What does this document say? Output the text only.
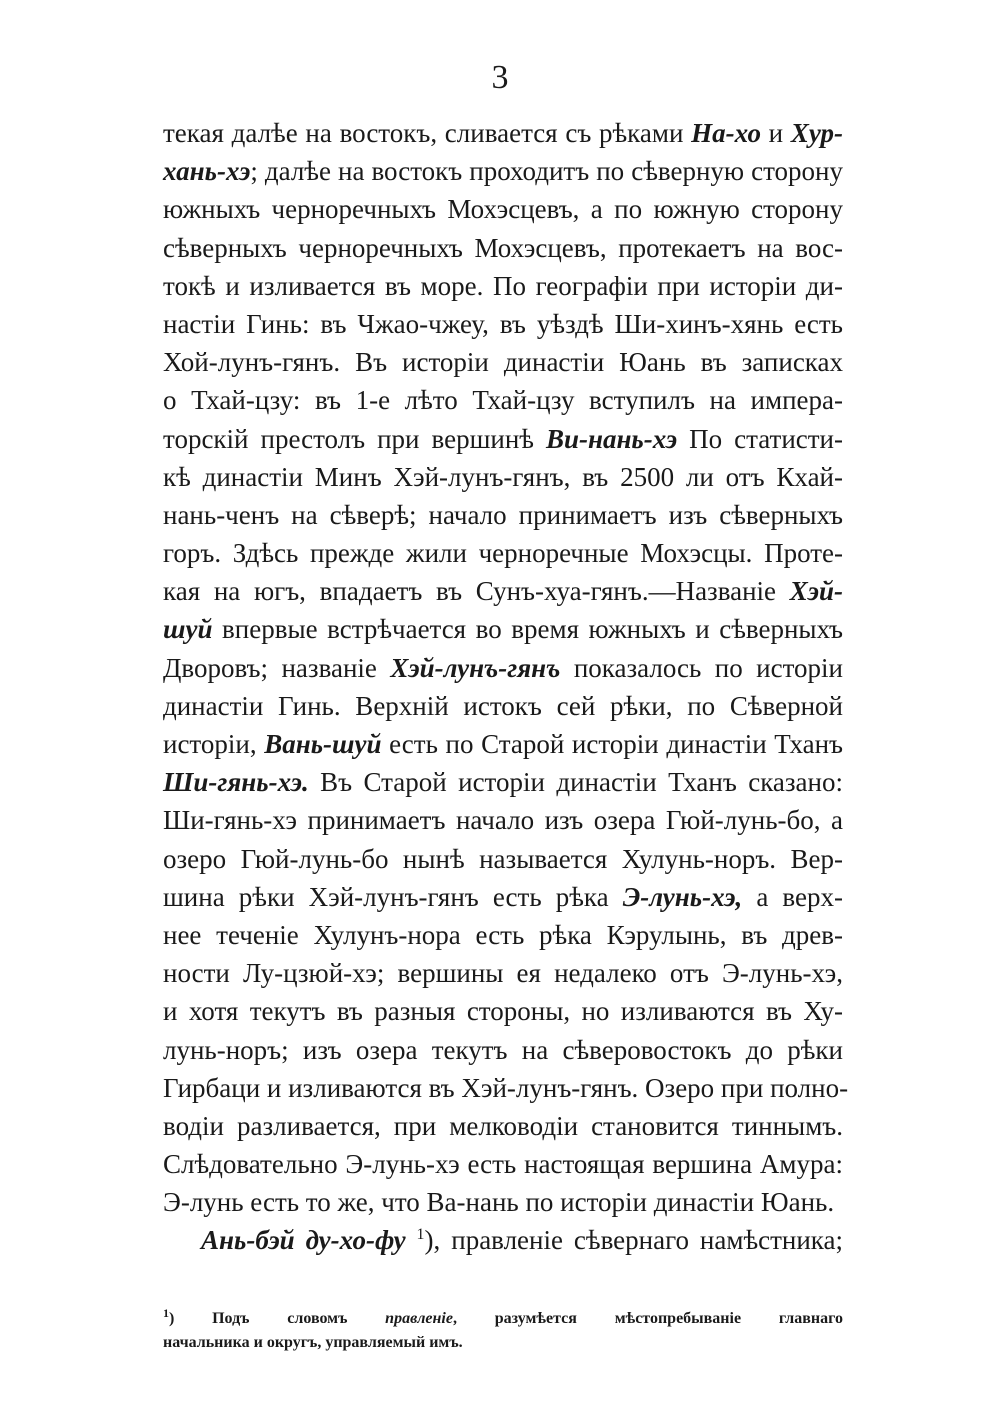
3
текая далѣе на востокъ, сливается съ рѣками На-хо и Хур-
хань-хэ; далѣе на востокъ проходитъ по сѣверную сторону
южныхъ черноречныхъ Мохэсцевъ, а по южную сторону
сѣверныхъ черноречныхъ Мохэсцевъ, протекаетъ на вос-
токѣ и изливается въ море. По географіи при исторіи ди-
настіи Гинь: въ Чжао-чжеу, въ уѣздѣ Ши-хинъ-хянь есть
Хой-лунъ-гянъ. Въ исторіи династіи Юань въ записках
о Тхай-цзу: въ 1-е лѣто Тхай-цзу вступилъ на импера-
торскій престолъ при вершинѣ Ви-нань-хэ По статисти-
кѣ династіи Минъ Хэй-лунъ-гянъ, въ 2500 ли отъ Кхай-
нань-ченъ на сѣверѣ; начало принимаетъ изъ сѣверныхъ
горъ. Здѣсь прежде жили черноречные Мохэсцы. Проте-
кая на югъ, впадаетъ въ Сунъ-хуа-гянъ.—Названіе Хэй-
шуй впервые встрѣчается во время южныхъ и сѣверныхъ
Дворовъ; названіе Хэй-лунъ-гянъ показалось по исторіи
династіи Гинь. Верхній истокъ сей рѣки, по Сѣверной
исторіи, Вань-шуй есть по Старой исторіи династіи Тханъ
Ши-гянь-хэ. Въ Старой исторіи династіи Тханъ сказано:
Ши-гянь-хэ принимаетъ начало изъ озера Гюй-лунь-бо, а
озеро Гюй-лунь-бо нынѣ называется Хулунь-норъ. Вер-
шина рѣки Хэй-лунъ-гянъ есть рѣка Э-лунь-хэ, а верх-
нее теченіе Хулунъ-нора есть рѣка Кэрулынь, въ древ-
ности Лу-цзюй-хэ; вершины ея недалеко отъ Э-лунь-хэ,
и хотя текутъ въ разныя стороны, но изливаются въ Ху-
лунь-норъ; изъ озера текутъ на сѣверовостокъ до рѣки
Гирбаци и изливаются въ Хэй-лунъ-гянъ. Озеро при полно-
водіи разливается, при мелководіи становится тиннымъ.
Слѣдовательно Э-лунь-хэ есть настоящая вершина Амура:
Э-лунь есть то же, что Ва-нань по исторіи династіи Юань.
Ань-бэй ду-хо-фу $^1$), правленіе сѣвернаго намѣстника;
$^1$) Подъ словомъ правленіе, разумѣется мѣстопребываніе главнаго
начальника и округъ, управляемый имъ.
